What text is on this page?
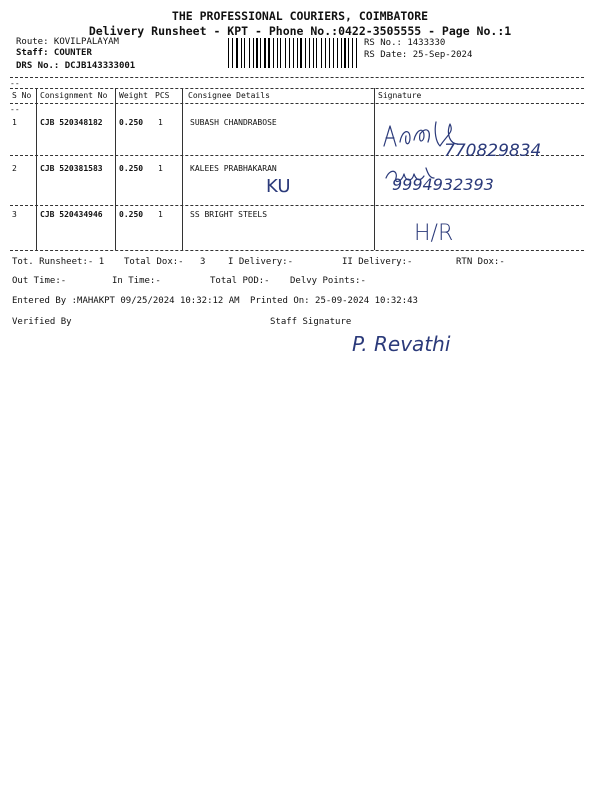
THE PROFESSIONAL COURIERS, COIMBATORE
Delivery Runsheet - KPT - Phone No.:0422-3505555 - Page No.:1
Route: KOVILPALAYAM
Staff: COUNTER
DRS No.: DCJB143333001
RS No.: 1433330
RS Date: 25-Sep-2024
--
S No Consignment No Weight PCS Consignee Details	Signature
--
1	CJB 520348182 0.250 1	SUBASH CHANDRABOSE
770829834
2	CJB 520381583 0.250 1	KALEES PRABHAKARAN
KU	9994932393
3	CJB 520434946 0.250 1	SS BRIGHT STEELS
H/R
Tot. Runsheet:- 1 Total Dox:- 3	I Delivery:-	II Delivery:-	RTN Dox:-
Out Time:-	In Time:-	Total POD:- Delvy Points:-
Entered By :MAHAKPT 09/25/2024 10:32:12 AM Printed On: 25-09-2024 10:32:43
Verified By	Staff Signature
P. Revathi
